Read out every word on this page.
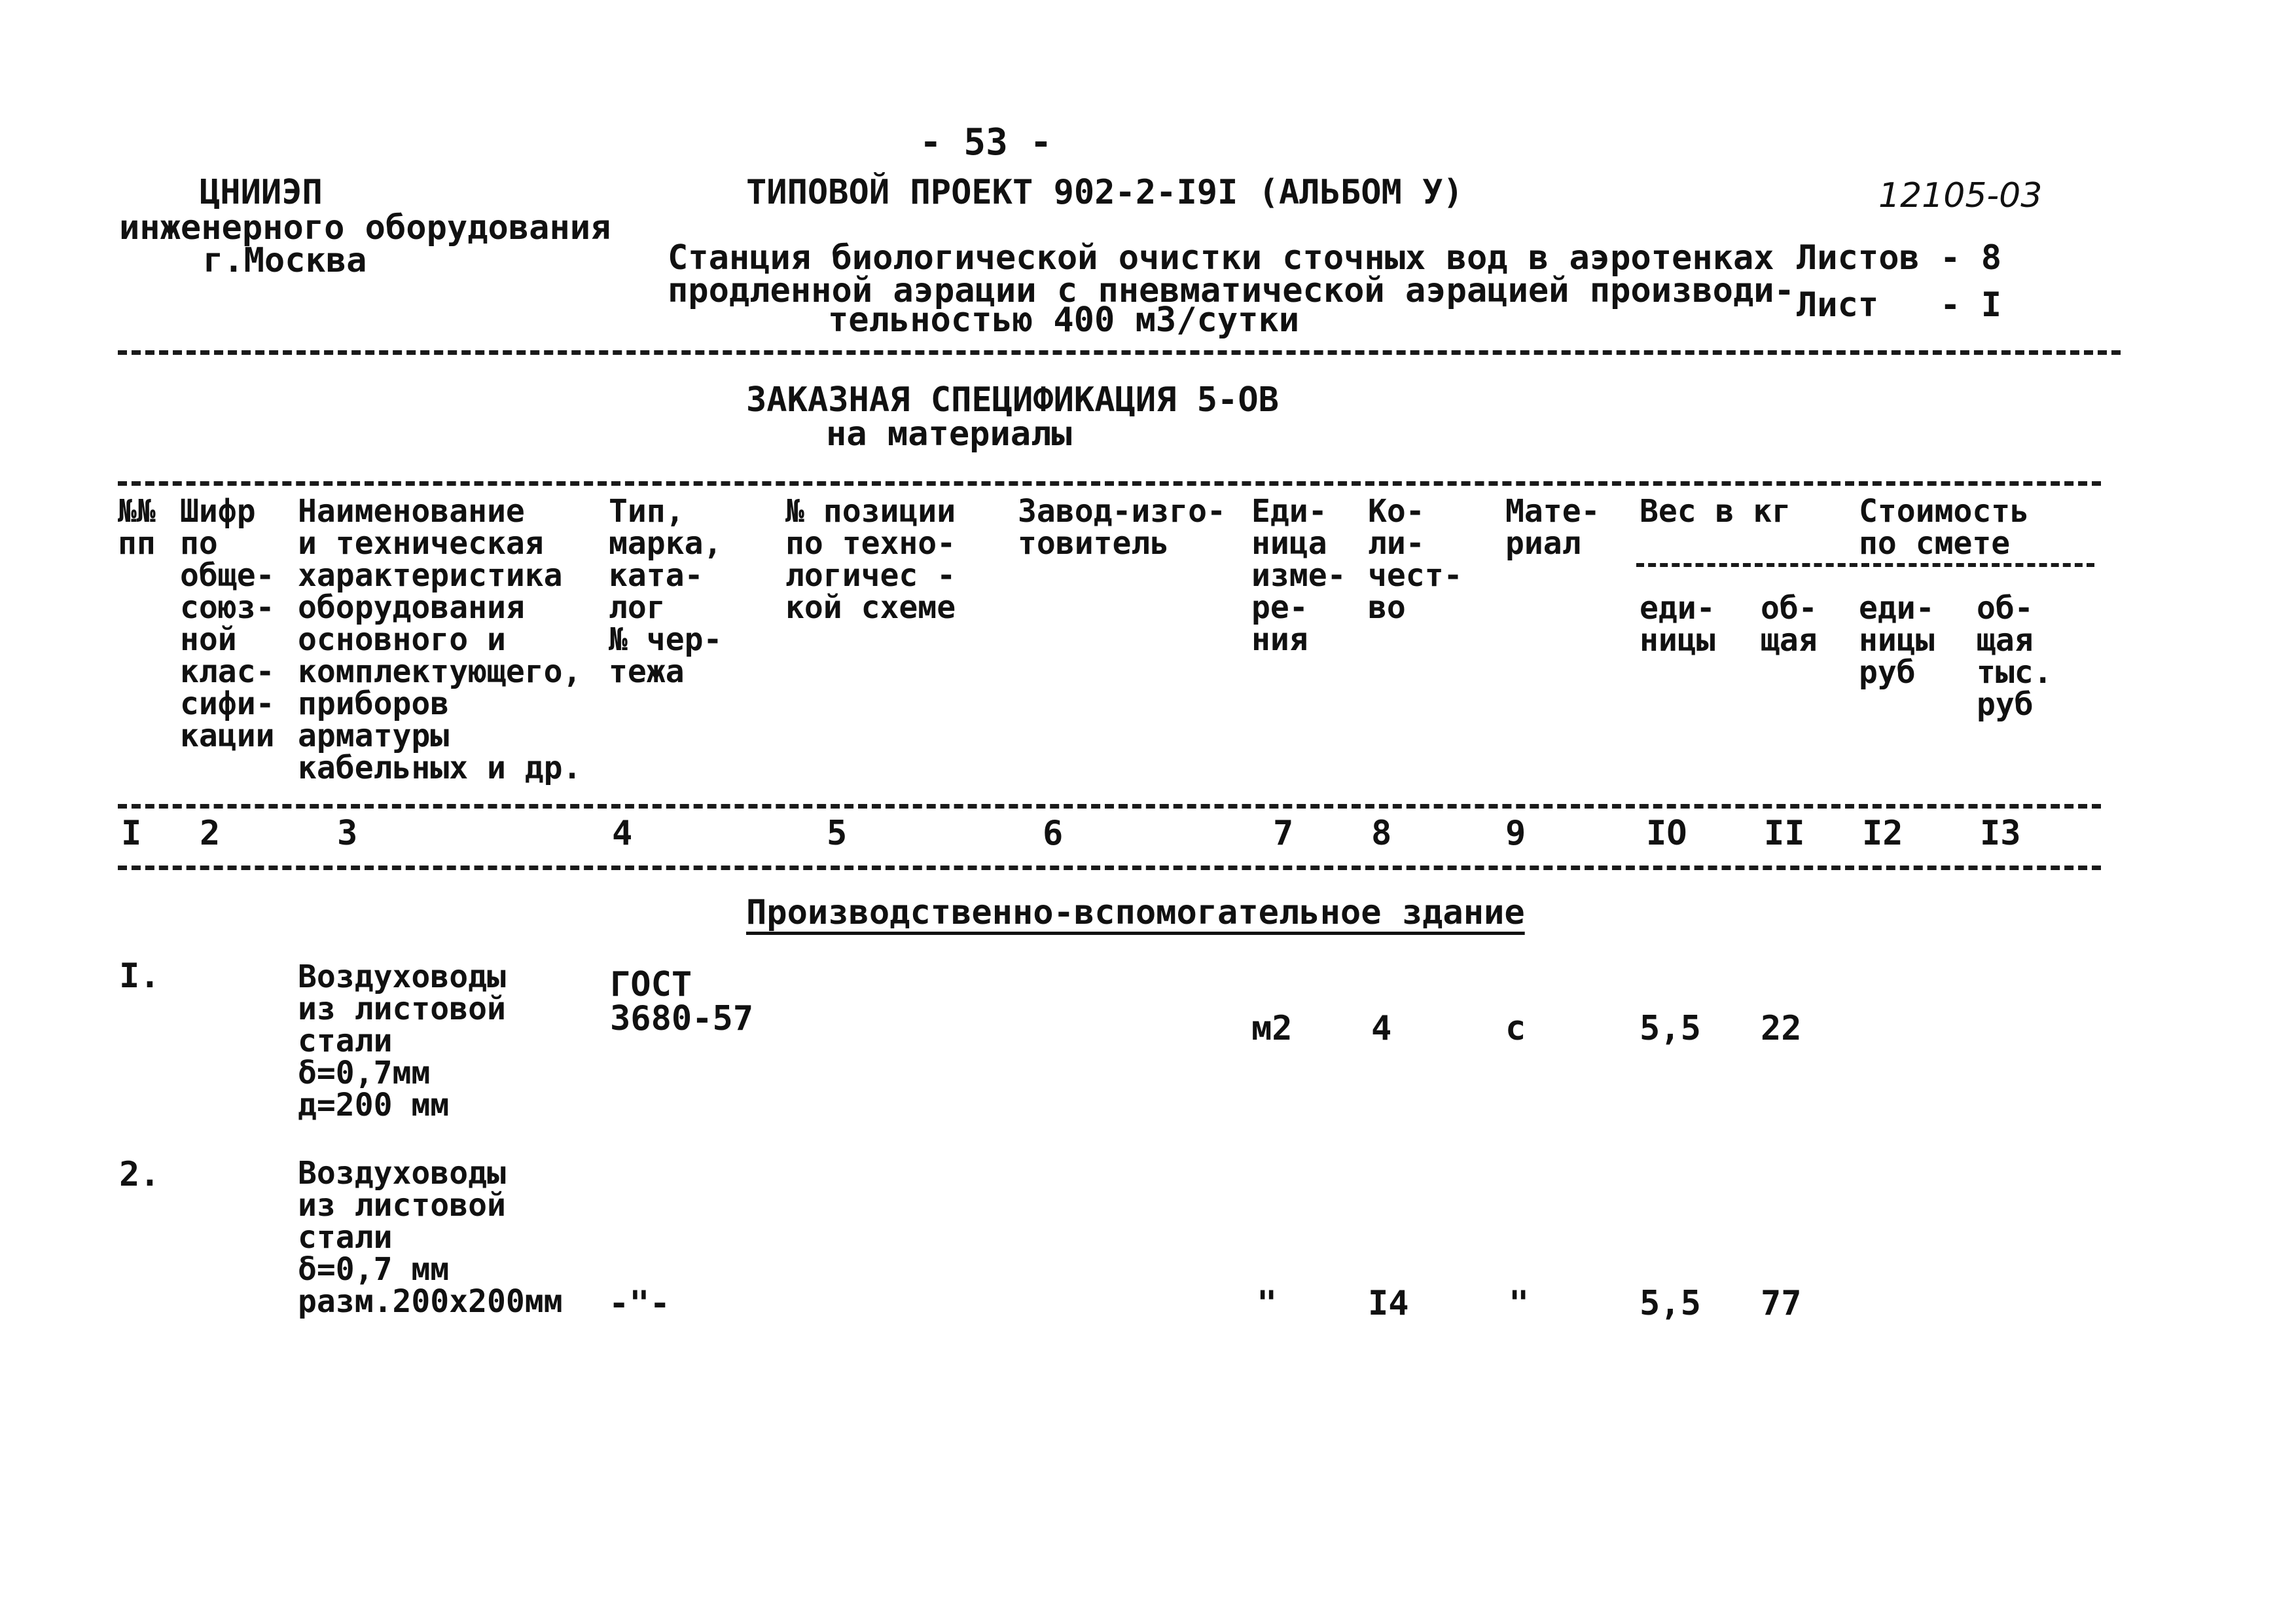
- 53 -
ЦНИИЭП
инженерного оборудования
г.Москва
ТИПОВОЙ ПРОЕКТ 902-2-I9I (АЛЬБОМ У)	12105-03
Станция биологической очистки сточных вод в аэротенках
продленной аэрации с пневматической аэрацией производи-
тельностью 400 м3/сутки
Листов - 8
Лист   - I
ЗАКАЗНАЯ СПЕЦИФИКАЦИЯ 5-ОВ
на материалы
№№
пп
Шифр
по
обще-
союз-
ной
клас-
сифи-
кации
Наименование
и техническая
характеристика
оборудования
основного и
комплектующего,
приборов
арматуры
кабельных и др.
Тип,
марка,
ката-
лог
№ чер-
тежа
№ позиции
по техно-
логичес -
кой схеме
Завод-изго-
товитель
Еди-
ница
изме-
ре-
ния
Ко-
ли-
чест-
во
Мате-
риал
Вес в кг Стоимость
по смете
еди-
ницы
об-
щая
еди-
ницы
руб
об-
щая
тыс.
руб
I 2	3	4	5	6	7 8	9	IO II I2 I3
Производственно-вспомогательное здание
I.	Воздуховоды
из листовой
стали
δ=0,7мм
д=200 мм
ГОСТ
3680-57	м2 4	с	5,5 22
2.	Воздуховоды
из листовой
стали
δ=0,7 мм
разм.200х200мм -"-	"	I4	"	5,5 77
